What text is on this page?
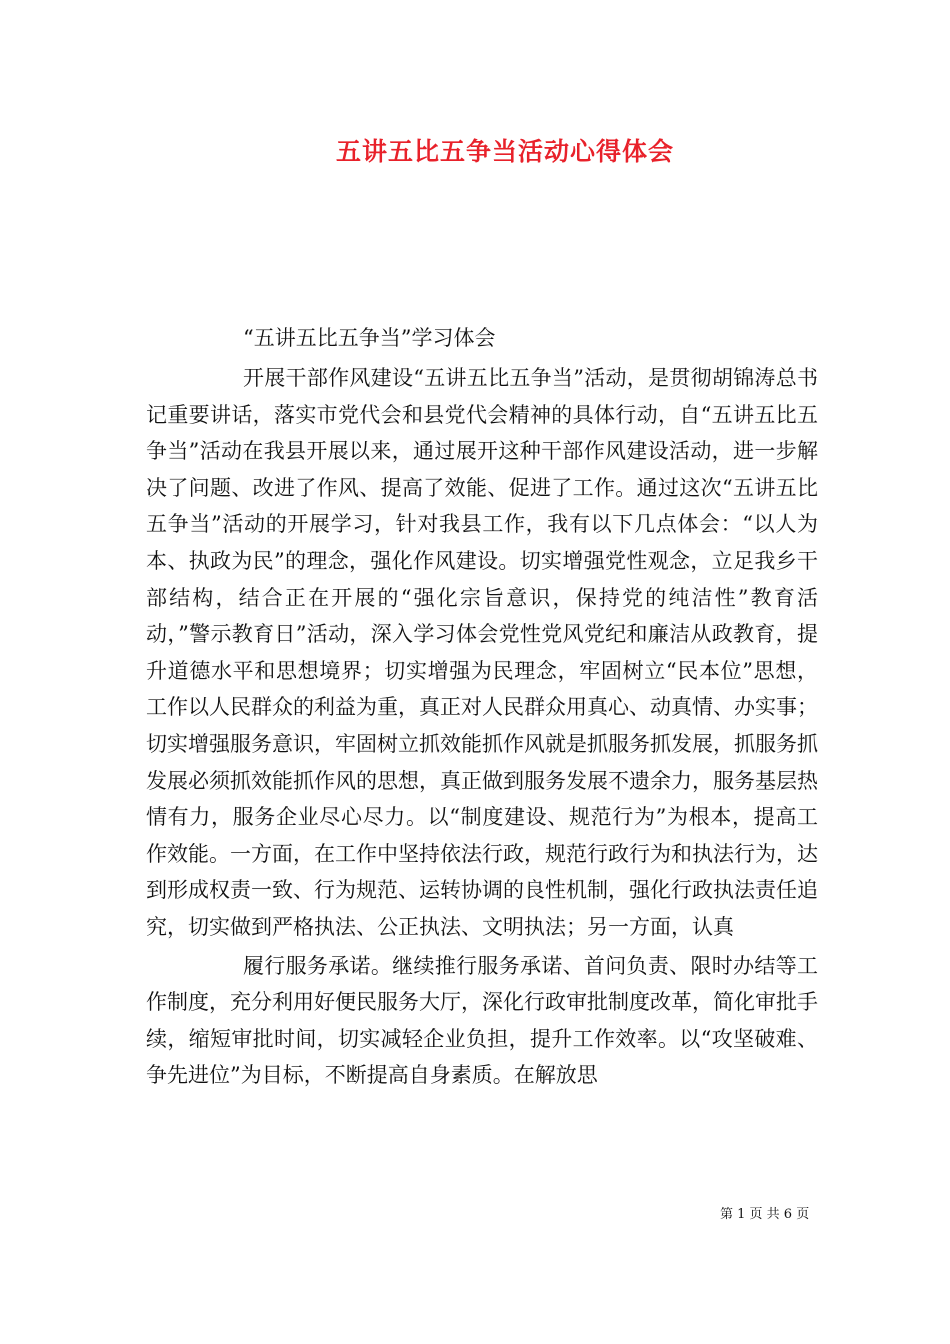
五讲五比五争当活动心得体会

“五讲五比五争当”学习体会

开展干部作风建设“五讲五比五争当”活动，是贯彻胡锦涛总书记重要讲话，落实市党代会和县党代会精神的具体行动，自“五讲五比五争当”活动在我县开展以来，通过展开这种干部作风建设活动，进一步解决了问题、改进了作风、提高了效能、促进了工作。通过这次“五讲五比五争当”活动的开展学习，针对我县工作，我有以下几点体会：“以人为本、执政为民”的理念，强化作风建设。切实增强党性观念，立足我乡干部结构，结合正在开展的“强化宗旨意识，保持党的纯洁性”教育活动，”警示教育日”活动，深入学习体会党性党风党纪和廉洁从政教育，提升道德水平和思想境界；切实增强为民理念，牢固树立“民本位”思想，工作以人民群众的利益为重，真正对人民群众用真心、动真情、办实事；切实增强服务意识，牢固树立抓效能抓作风就是抓服务抓发展，抓服务抓发展必须抓效能抓作风的思想，真正做到服务发展不遗余力，服务基层热情有力，服务企业尽心尽力。以“制度建设、规范行为”为根本，提高工作效能。一方面，在工作中坚持依法行政，规范行政行为和执法行为，达到形成权责一致、行为规范、运转协调的良性机制，强化行政执法责任追究，切实做到严格执法、公正执法、文明执法；另一方面，认真

履行服务承诺。继续推行服务承诺、首问负责、限时办结等工作制度，充分利用好便民服务大厅，深化行政审批制度改革，简化审批手续，缩短审批时间，切实减轻企业负担，提升工作效率。以“攻坚破难、争先进位”为目标，不断提高自身素质。在解放思

第 1 页 共 6 页
